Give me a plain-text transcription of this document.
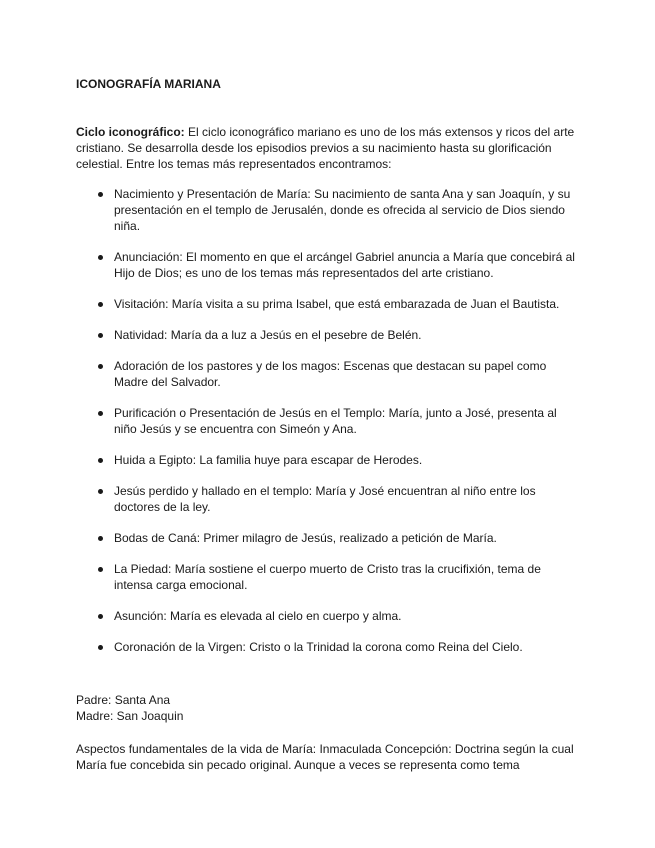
ICONOGRAFÍA MARIANA

Ciclo iconográfico: El ciclo iconográfico mariano es uno de los más extensos y ricos del arte cristiano. Se desarrolla desde los episodios previos a su nacimiento hasta su glorificación celestial. Entre los temas más representados encontramos:

Nacimiento y Presentación de María: Su nacimiento de santa Ana y san Joaquín, y su presentación en el templo de Jerusalén, donde es ofrecida al servicio de Dios siendo niña.
Anunciación: El momento en que el arcángel Gabriel anuncia a María que concebirá al Hijo de Dios; es uno de los temas más representados del arte cristiano.
Visitación: María visita a su prima Isabel, que está embarazada de Juan el Bautista.
Natividad: María da a luz a Jesús en el pesebre de Belén.
Adoración de los pastores y de los magos: Escenas que destacan su papel como Madre del Salvador.
Purificación o Presentación de Jesús en el Templo: María, junto a José, presenta al niño Jesús y se encuentra con Simeón y Ana.
Huida a Egipto: La familia huye para escapar de Herodes.
Jesús perdido y hallado en el templo: María y José encuentran al niño entre los doctores de la ley.
Bodas de Caná: Primer milagro de Jesús, realizado a petición de María.
La Piedad: María sostiene el cuerpo muerto de Cristo tras la crucifixión, tema de intensa carga emocional.
Asunción: María es elevada al cielo en cuerpo y alma.
Coronación de la Virgen: Cristo o la Trinidad la corona como Reina del Cielo.
Padre: Santa Ana
Madre: San Joaquin

Aspectos fundamentales de la vida de María: Inmaculada Concepción: Doctrina según la cual María fue concebida sin pecado original. Aunque a veces se representa como tema
